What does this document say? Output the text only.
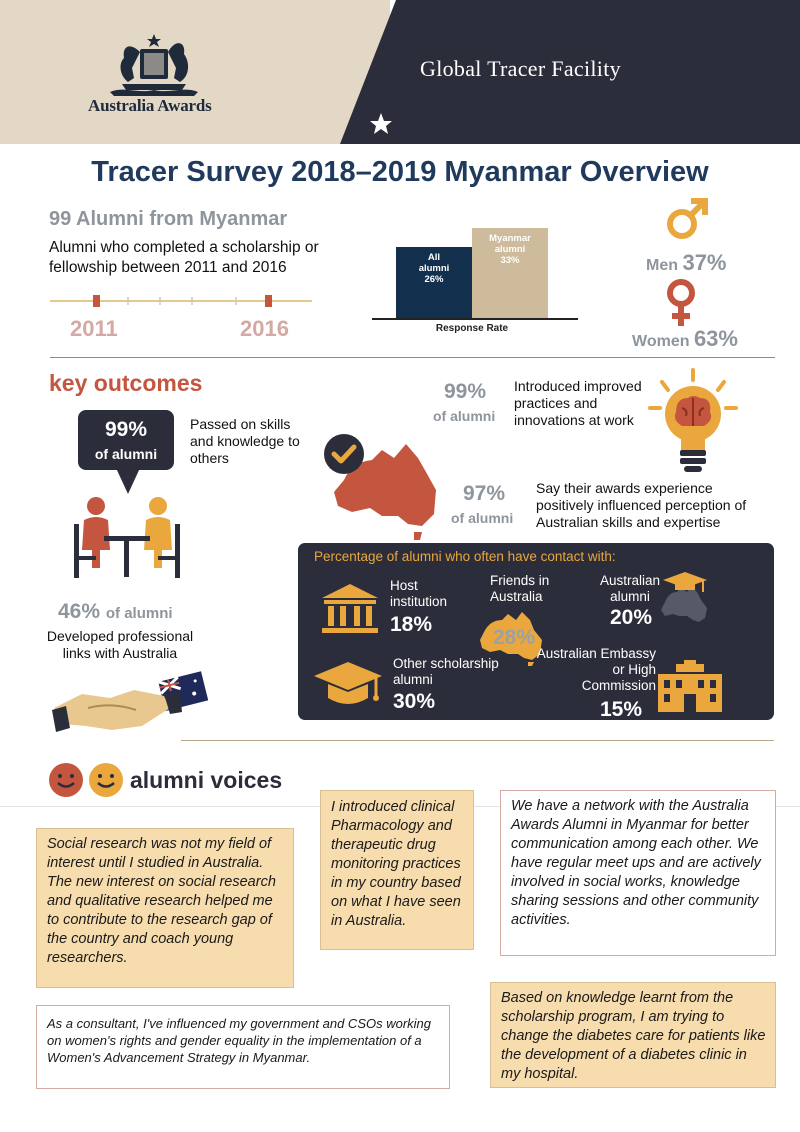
Australia Awards
Global Tracer Facility
Tracer Survey 2018–2019 Myanmar Overview
99 Alumni from Myanmar
Alumni who completed a scholarship or fellowship between 2011 and 2016
2011	2016
All
alumni
26%
Myanmar
alumni
33%
Response Rate
Men 37%
Women 63%
key outcomes
99%
of alumni
Passed on skills and knowledge to others
46% of alumni
Developed professional links with Australia
99%
of alumni
Introduced improved practices and innovations at work
97%
of alumni
Say their awards experience positively influenced perception of Australian skills and expertise
Percentage of alumni who often have contact with:
Host institution
18%
Friends in Australia
28%
Australian alumni
20%
Other scholarship alumni
30%
Australian Embassy or High Commission
15%
alumni voices
Social research was not my field of interest until I studied in Australia. The new interest on social research and qualitative research helped me to contribute to the research gap of the country and coach young researchers.
I introduced clinical Pharmacology and therapeutic drug monitoring practices in my country based on what I have seen in Australia.
We have a network with the Australia Awards Alumni in Myanmar for better communication among each other. We have regular meet ups and are actively involved in social works, knowledge sharing sessions and other community activities.
As a consultant, I've influenced my government and CSOs working on women's rights and gender equality in the implementation of a Women's Advancement Strategy in Myanmar.
Based on knowledge learnt from the scholarship program, I am trying to change the diabetes care for patients like the development of a diabetes clinic in my hospital.
